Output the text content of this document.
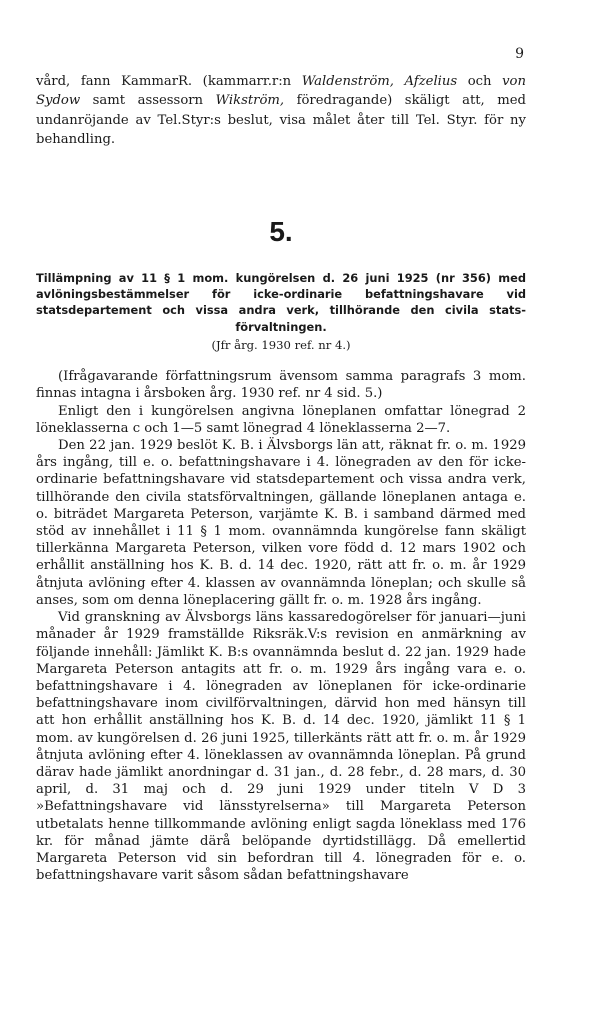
9

vård, fann KammarR. (kammarr.r:n Waldenström, Afzelius och von Sydow samt assessorn Wikström, föredragande) skäligt att, med undanröjande av Tel.Styr:s beslut, visa målet åter till Tel. Styr. för ny behandling.

5.

Tillämpning av 11 § 1 mom. kungörelsen d. 26 juni 1925 (nr 356) med avlöningsbestämmelser för icke-ordinarie befattningshavare vid statsdepartement och vissa andra verk, tillhörande den civila stats- förvaltningen.

(Jfr årg. 1930 ref. nr 4.)

(Ifrågavarande författningsrum ävensom samma paragrafs 3 mom. finnas intagna i årsboken årg. 1930 ref. nr 4 sid. 5.)

Enligt den i kungörelsen angivna löneplanen omfattar lönegrad 2 löneklasserna c och 1—5 samt lönegrad 4 löneklasserna 2—7.

Den 22 jan. 1929 beslöt K. B. i Älvsborgs län att, räknat fr. o. m. 1929 års ingång, till e. o. befattningshavare i 4. lönegraden av den för icke-ordinarie befattningshavare vid statsdepartement och vissa andra verk, tillhörande den civila statsförvaltningen, gällande löneplanen antaga e. o. biträdet Margareta Peterson, varjämte K. B. i samband därmed med stöd av innehållet i 11 § 1 mom. ovannämnda kungörelse fann skäligt tillerkänna Margareta Peterson, vilken vore född d. 12 mars 1902 och erhållit anställning hos K. B. d. 14 dec. 1920, rätt att fr. o. m. år 1929 åtnjuta avlöning efter 4. klassen av ovannämnda löneplan; och skulle så anses, som om denna löneplacering gällt fr. o. m. 1928 års ingång.

Vid granskning av Älvsborgs läns kassaredogörelser för januari—juni månader år 1929 framställde Riksräk.V:s revision en anmärkning av följande innehåll: Jämlikt K. B:s ovannämnda beslut d. 22 jan. 1929 hade Margareta Peterson antagits att fr. o. m. 1929 års ingång vara e. o. befattningshavare i 4. lönegraden av löneplanen för icke-ordinarie befattningshavare inom civilförvaltningen, därvid hon med hänsyn till att hon erhållit anställning hos K. B. d. 14 dec. 1920, jämlikt 11 § 1 mom. av kungörelsen d. 26 juni 1925, tillerkänts rätt att fr. o. m. år 1929 åtnjuta avlöning efter 4. löneklassen av ovannämnda löneplan. På grund därav hade jämlikt anordningar d. 31 jan., d. 28 febr., d. 28 mars, d. 30 april, d. 31 maj och d. 29 juni 1929 under titeln V D 3 »Befattningshavare vid länsstyrelserna» till Margareta Peterson utbetalats henne tillkommande avlöning enligt sagda löneklass med 176 kr. för månad jämte därå belöpande dyrtidstillägg. Då emellertid Margareta Peterson vid sin befordran till 4. lönegraden för e. o. befattningshavare varit såsom sådan befattningshavare
